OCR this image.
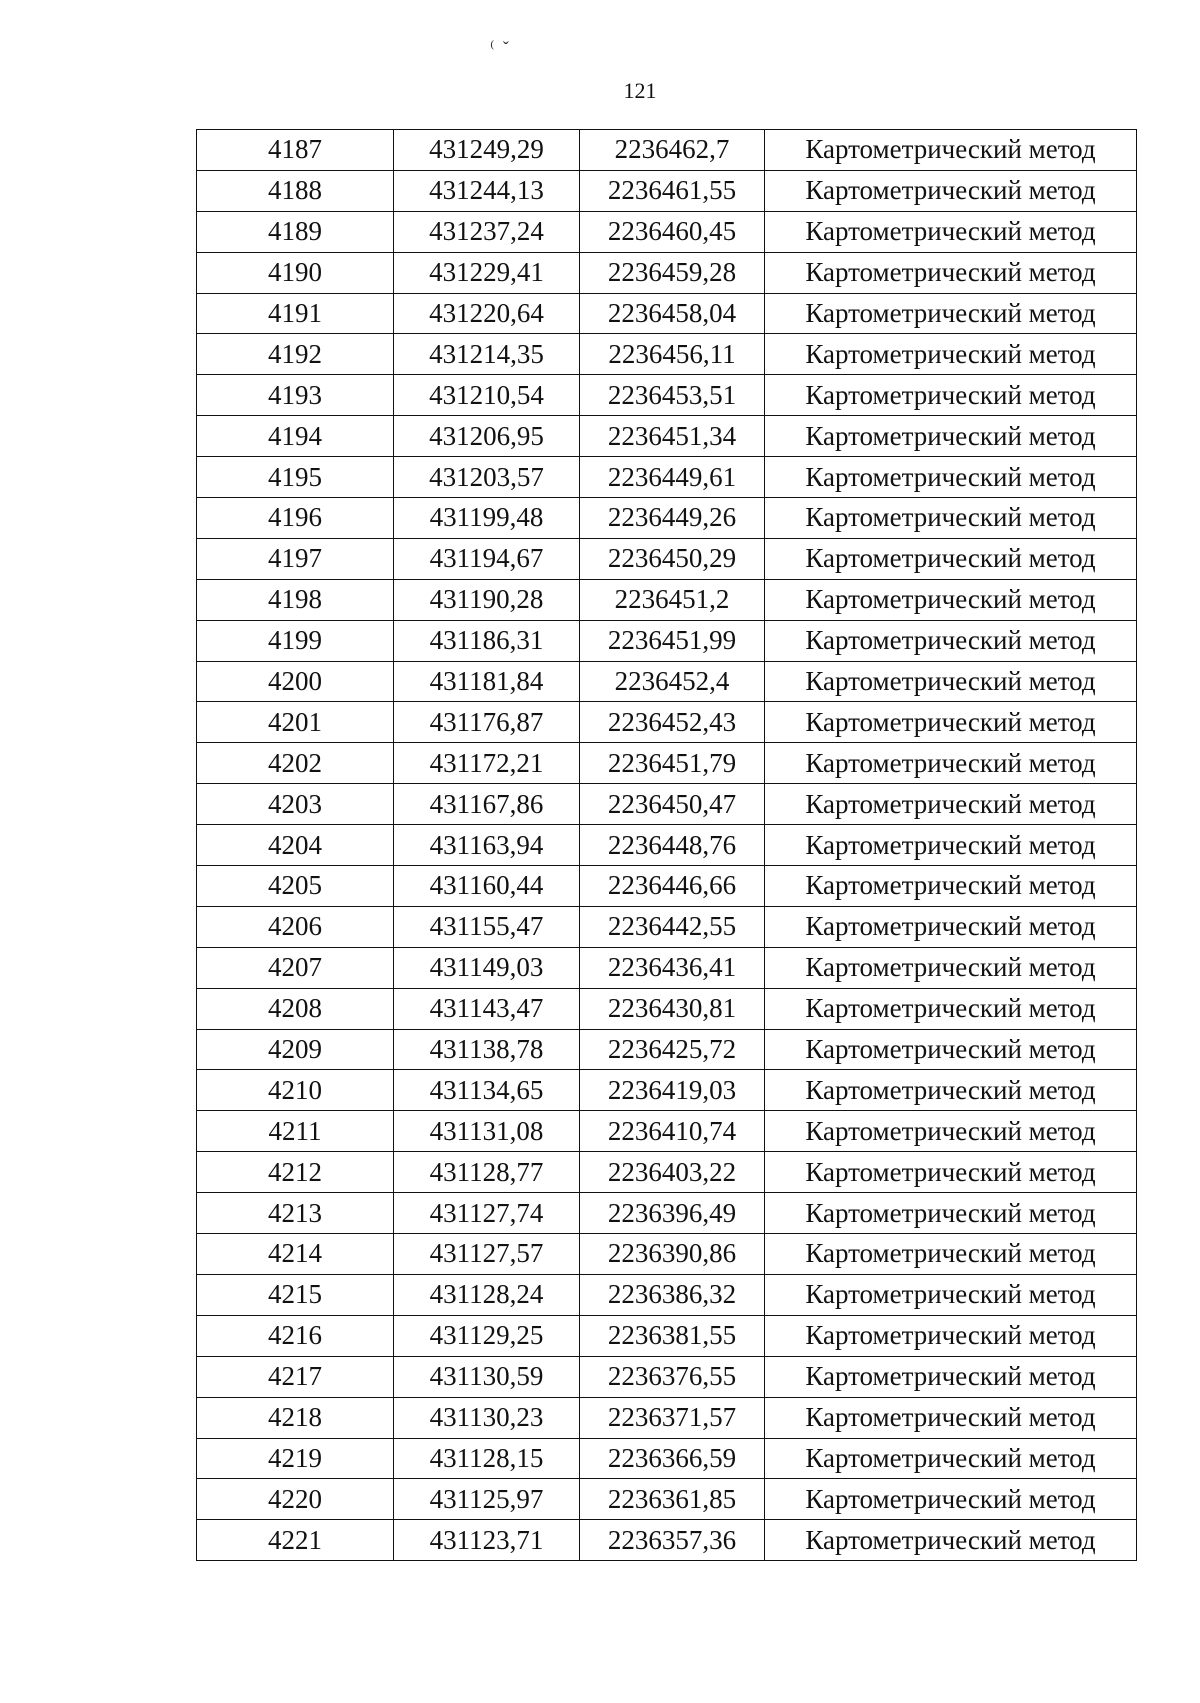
⁽ ˇ
121
4187	431249,29	2236462,7	Картометрический метод
4188	431244,13	2236461,55	Картометрический метод
4189	431237,24	2236460,45	Картометрический метод
4190	431229,41	2236459,28	Картометрический метод
4191	431220,64	2236458,04	Картометрический метод
4192	431214,35	2236456,11	Картометрический метод
4193	431210,54	2236453,51	Картометрический метод
4194	431206,95	2236451,34	Картометрический метод
4195	431203,57	2236449,61	Картометрический метод
4196	431199,48	2236449,26	Картометрический метод
4197	431194,67	2236450,29	Картометрический метод
4198	431190,28	2236451,2	Картометрический метод
4199	431186,31	2236451,99	Картометрический метод
4200	431181,84	2236452,4	Картометрический метод
4201	431176,87	2236452,43	Картометрический метод
4202	431172,21	2236451,79	Картометрический метод
4203	431167,86	2236450,47	Картометрический метод
4204	431163,94	2236448,76	Картометрический метод
4205	431160,44	2236446,66	Картометрический метод
4206	431155,47	2236442,55	Картометрический метод
4207	431149,03	2236436,41	Картометрический метод
4208	431143,47	2236430,81	Картометрический метод
4209	431138,78	2236425,72	Картометрический метод
4210	431134,65	2236419,03	Картометрический метод
4211	431131,08	2236410,74	Картометрический метод
4212	431128,77	2236403,22	Картометрический метод
4213	431127,74	2236396,49	Картометрический метод
4214	431127,57	2236390,86	Картометрический метод
4215	431128,24	2236386,32	Картометрический метод
4216	431129,25	2236381,55	Картометрический метод
4217	431130,59	2236376,55	Картометрический метод
4218	431130,23	2236371,57	Картометрический метод
4219	431128,15	2236366,59	Картометрический метод
4220	431125,97	2236361,85	Картометрический метод
4221	431123,71	2236357,36	Картометрический метод
